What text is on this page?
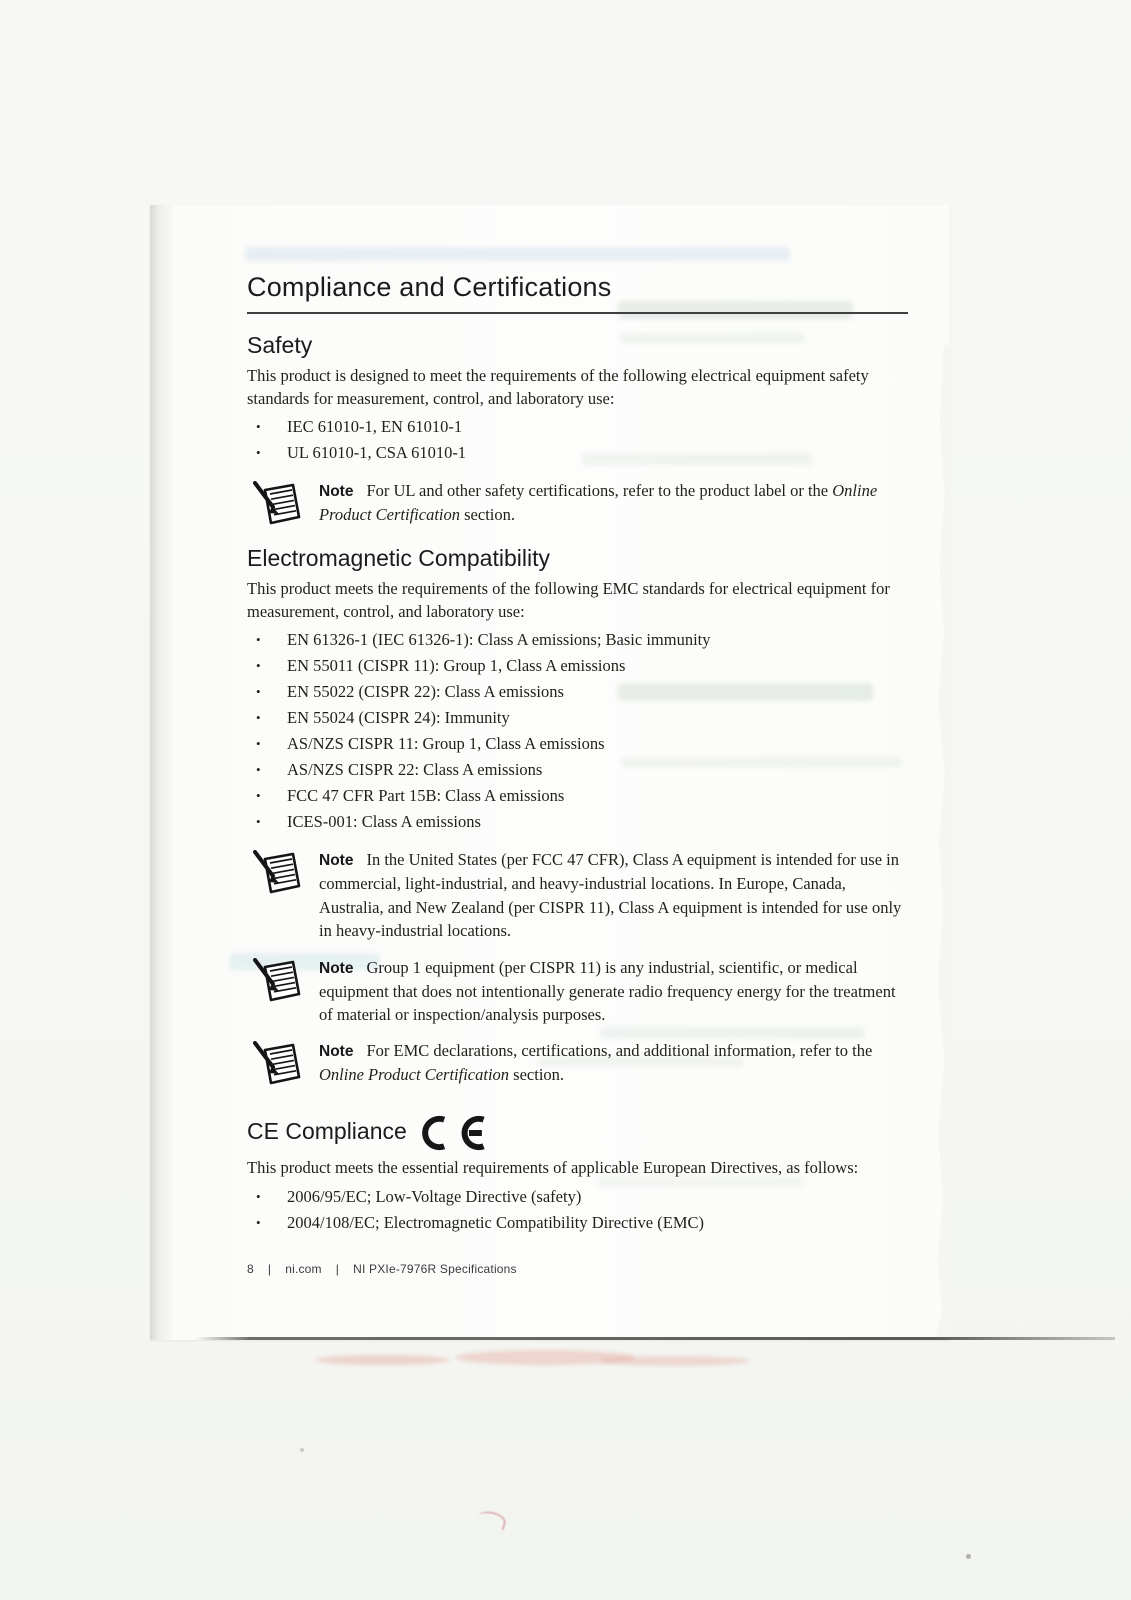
Compliance and Certifications
Safety
This product is designed to meet the requirements of the following electrical equipment safety standards for measurement, control, and laboratory use:
• IEC 61010-1, EN 61010-1
• UL 61010-1, CSA 61010-1
Note For UL and other safety certifications, refer to the product label or the Online Product Certification section.
Electromagnetic Compatibility
This product meets the requirements of the following EMC standards for electrical equipment for measurement, control, and laboratory use:
• EN 61326-1 (IEC 61326-1): Class A emissions; Basic immunity
• EN 55011 (CISPR 11): Group 1, Class A emissions
• EN 55022 (CISPR 22): Class A emissions
• EN 55024 (CISPR 24): Immunity
• AS/NZS CISPR 11: Group 1, Class A emissions
• AS/NZS CISPR 22: Class A emissions
• FCC 47 CFR Part 15B: Class A emissions
• ICES-001: Class A emissions
Note In the United States (per FCC 47 CFR), Class A equipment is intended for use in commercial, light-industrial, and heavy-industrial locations. In Europe, Canada, Australia, and New Zealand (per CISPR 11), Class A equipment is intended for use only in heavy-industrial locations.
Note Group 1 equipment (per CISPR 11) is any industrial, scientific, or medical equipment that does not intentionally generate radio frequency energy for the treatment of material or inspection/analysis purposes.
Note For EMC declarations, certifications, and additional information, refer to the Online Product Certification section.
CE Compliance
This product meets the essential requirements of applicable European Directives, as follows:
• 2006/95/EC; Low-Voltage Directive (safety)
• 2004/108/EC; Electromagnetic Compatibility Directive (EMC)
8 | ni.com | NI PXIe-7976R Specifications
